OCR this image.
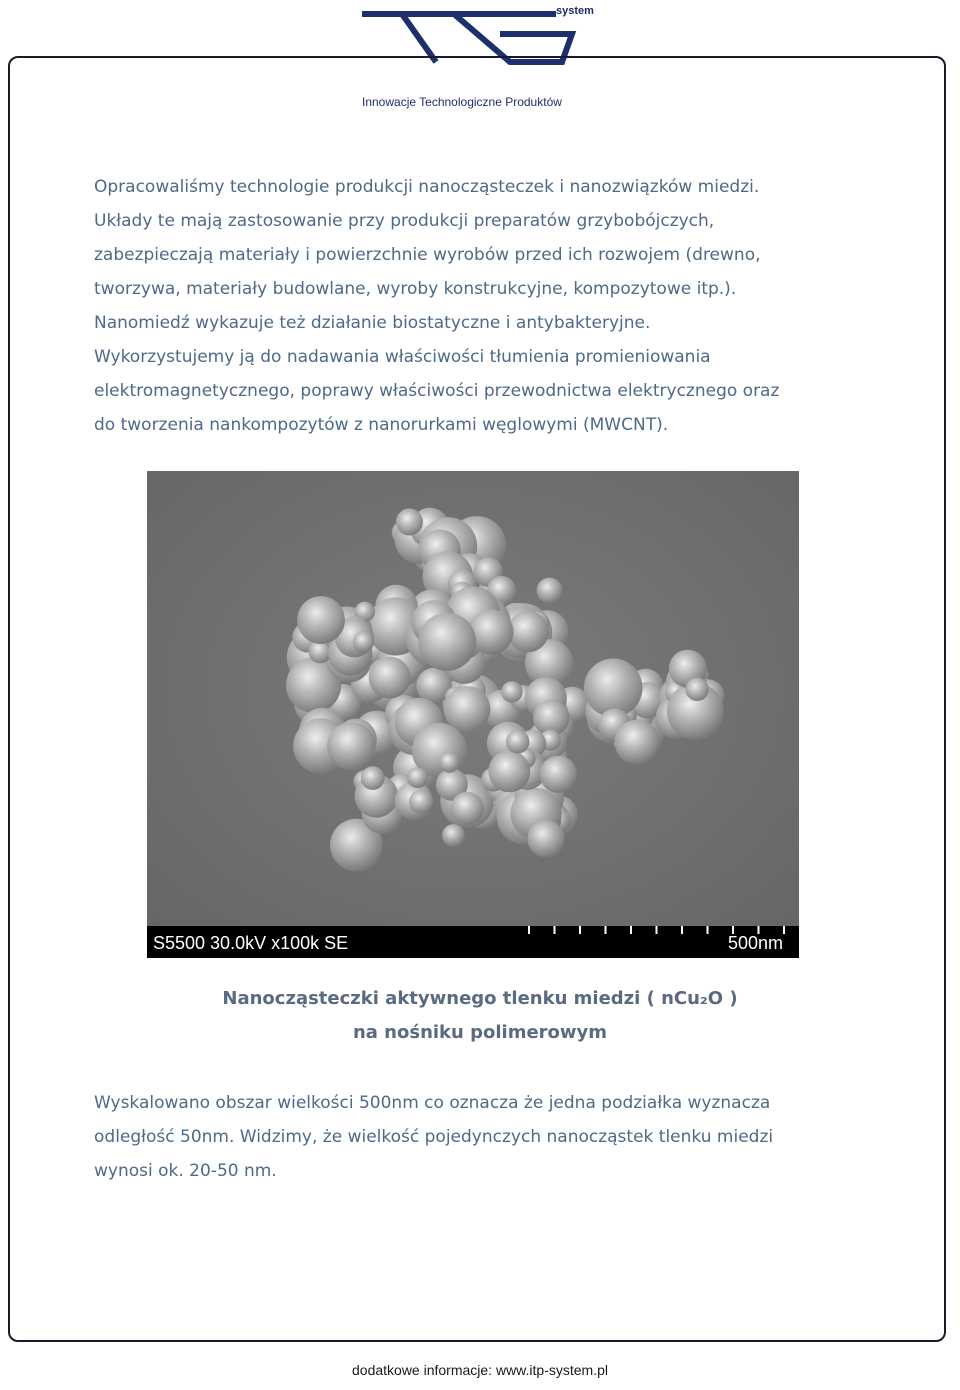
system
Innowacje Technologiczne Produktów

Opracowaliśmy technologie produkcji nanocząsteczek i nanozwiązków miedzi.
Układy te mają zastosowanie przy produkcji preparatów grzybobójczych,
zabezpieczają materiały i powierzchnie wyrobów przed ich rozwojem (drewno,
tworzywa, materiały budowlane, wyroby konstrukcyjne, kompozytowe itp.).
Nanomiedź wykazuje też działanie biostatyczne i antybakteryjne.
Wykorzystujemy ją do nadawania właściwości tłumienia promieniowania
elektromagnetycznego, poprawy właściwości przewodnictwa elektrycznego oraz
do tworzenia nankompozytów z nanorurkami węglowymi (MWCNT).

S5500 30.0kV x100k SE	500nm

Nanocząsteczki aktywnego tlenku miedzi ( nCu₂O )

na nośniku polimerowym

Wyskalowano obszar wielkości 500nm co oznacza że jedna podziałka wyznacza
odległość 50nm. Widzimy, że wielkość pojedynczych nanocząstek tlenku miedzi
wynosi ok. 20-50 nm.

dodatkowe informacje: www.itp-system.pl
